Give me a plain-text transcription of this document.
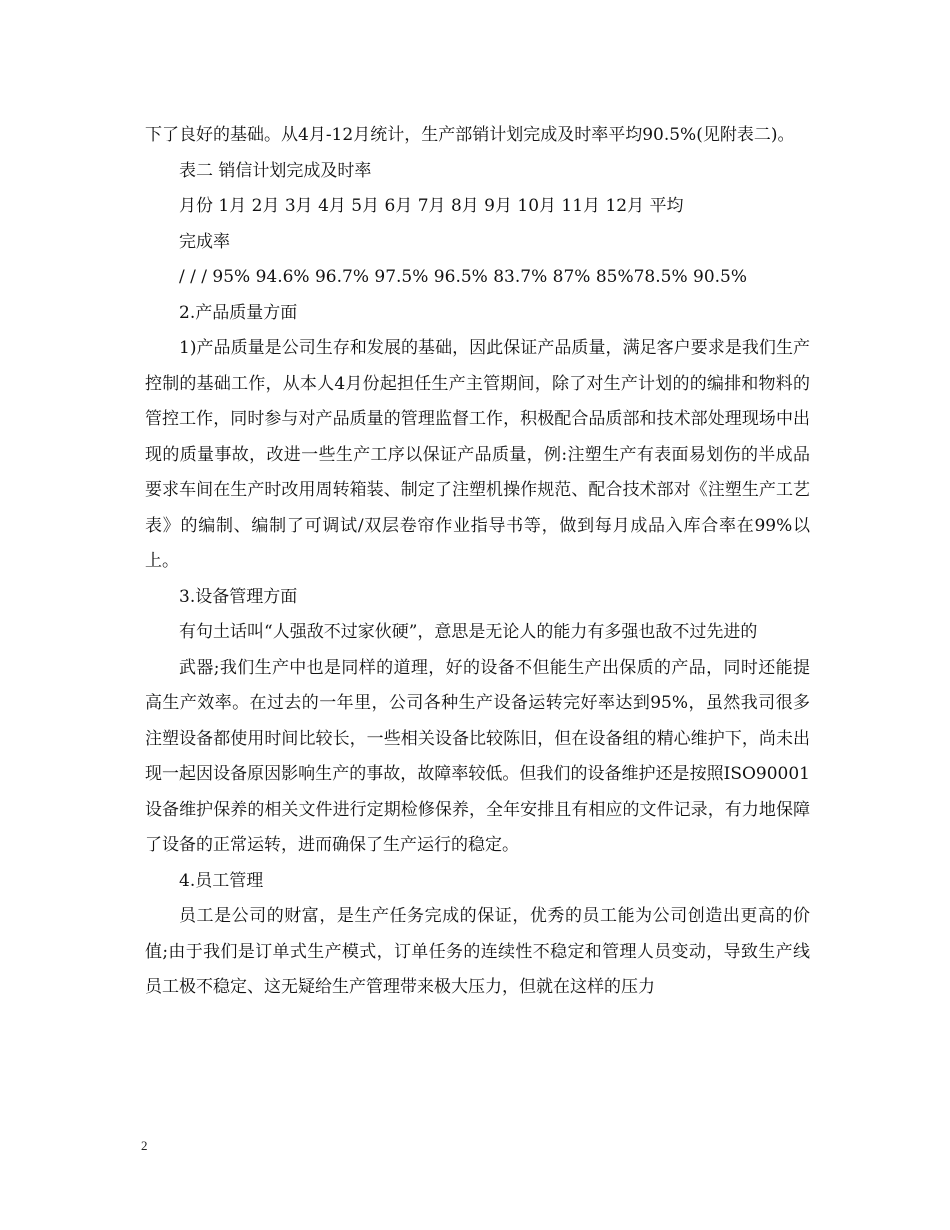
下了良好的基础。从4月-12月统计，生产部销计划完成及时率平均90.5%(见附表二)。

表二 销信计划完成及时率

月份 1月 2月 3月 4月 5月 6月 7月 8月 9月 10月 11月 12月 平均

完成率

/ / / 95% 94.6% 96.7% 97.5% 96.5% 83.7% 87% 85%78.5% 90.5%

2.产品质量方面

1)产品质量是公司生存和发展的基础，因此保证产品质量，满足客户要求是我们生产控制的基础工作，从本人4月份起担任生产主管期间，除了对生产计划的的编排和物料的管控工作，同时参与对产品质量的管理监督工作，积极配合品质部和技术部处理现场中出现的质量事故，改进一些生产工序以保证产品质量，例:注塑生产有表面易划伤的半成品要求车间在生产时改用周转箱装、制定了注塑机操作规范、配合技术部对《注塑生产工艺表》的编制、编制了可调试/双层卷帘作业指导书等，做到每月成品入库合率在99%以上。

3.设备管理方面

有句土话叫“人强敌不过家伙硬”，意思是无论人的能力有多强也敌不过先进的

武器;我们生产中也是同样的道理，好的设备不但能生产出保质的产品，同时还能提高生产效率。在过去的一年里，公司各种生产设备运转完好率达到95%，虽然我司很多注塑设备都使用时间比较长，一些相关设备比较陈旧，但在设备组的精心维护下，尚未出现一起因设备原因影响生产的事故，故障率较低。但我们的设备维护还是按照ISO90001设备维护保养的相关文件进行定期检修保养，全年安排且有相应的文件记录，有力地保障了设备的正常运转，进而确保了生产运行的稳定。

4.员工管理

员工是公司的财富，是生产任务完成的保证，优秀的员工能为公司创造出更高的价值;由于我们是订单式生产模式，订单任务的连续性不稳定和管理人员变动，导致生产线员工极不稳定、这无疑给生产管理带来极大压力，但就在这样的压力

2
